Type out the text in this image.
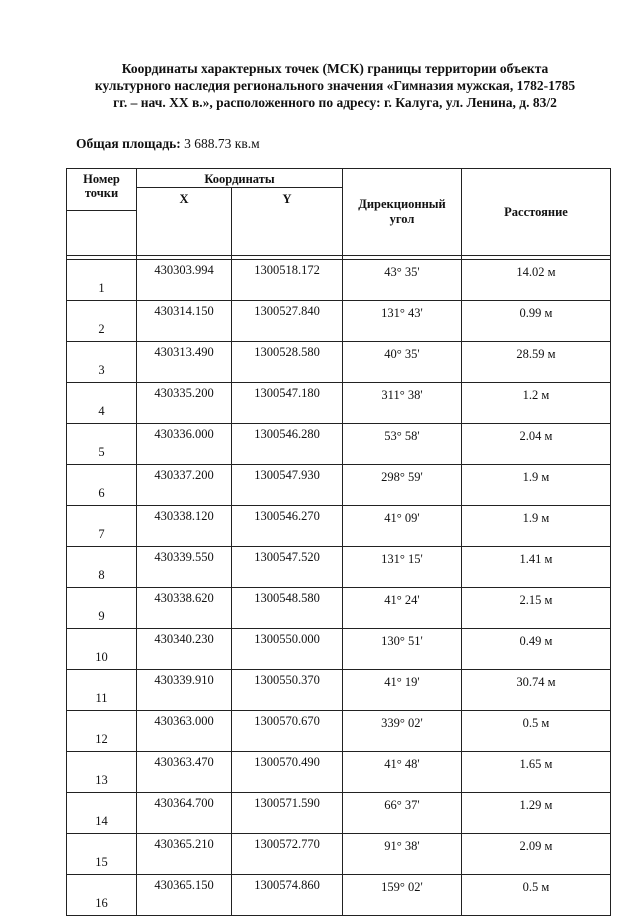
Координаты характерных точек (МСК) границы территории объекта
культурного наследия регионального значения «Гимназия мужская, 1782-1785
гг. – нач. XX в.», расположенного по адресу: г. Калуга, ул. Ленина, д. 83/2
Общая площадь: 3 688.73 кв.м
Номер точки	Координаты		Дирекционный угол	Расстояние
	X	Y		

1	430303.994	1300518.172	43° 35'	14.02 м
2	430314.150	1300527.840	131° 43'	0.99 м
3	430313.490	1300528.580	40° 35'	28.59 м
4	430335.200	1300547.180	311° 38'	1.2 м
5	430336.000	1300546.280	53° 58'	2.04 м
6	430337.200	1300547.930	298° 59'	1.9 м
7	430338.120	1300546.270	41° 09'	1.9 м
8	430339.550	1300547.520	131° 15'	1.41 м
9	430338.620	1300548.580	41° 24'	2.15 м
10	430340.230	1300550.000	130° 51'	0.49 м
11	430339.910	1300550.370	41° 19'	30.74 м
12	430363.000	1300570.670	339° 02'	0.5 м
13	430363.470	1300570.490	41° 48'	1.65 м
14	430364.700	1300571.590	66° 37'	1.29 м
15	430365.210	1300572.770	91° 38'	2.09 м
16	430365.150	1300574.860	159° 02'	0.5 м
